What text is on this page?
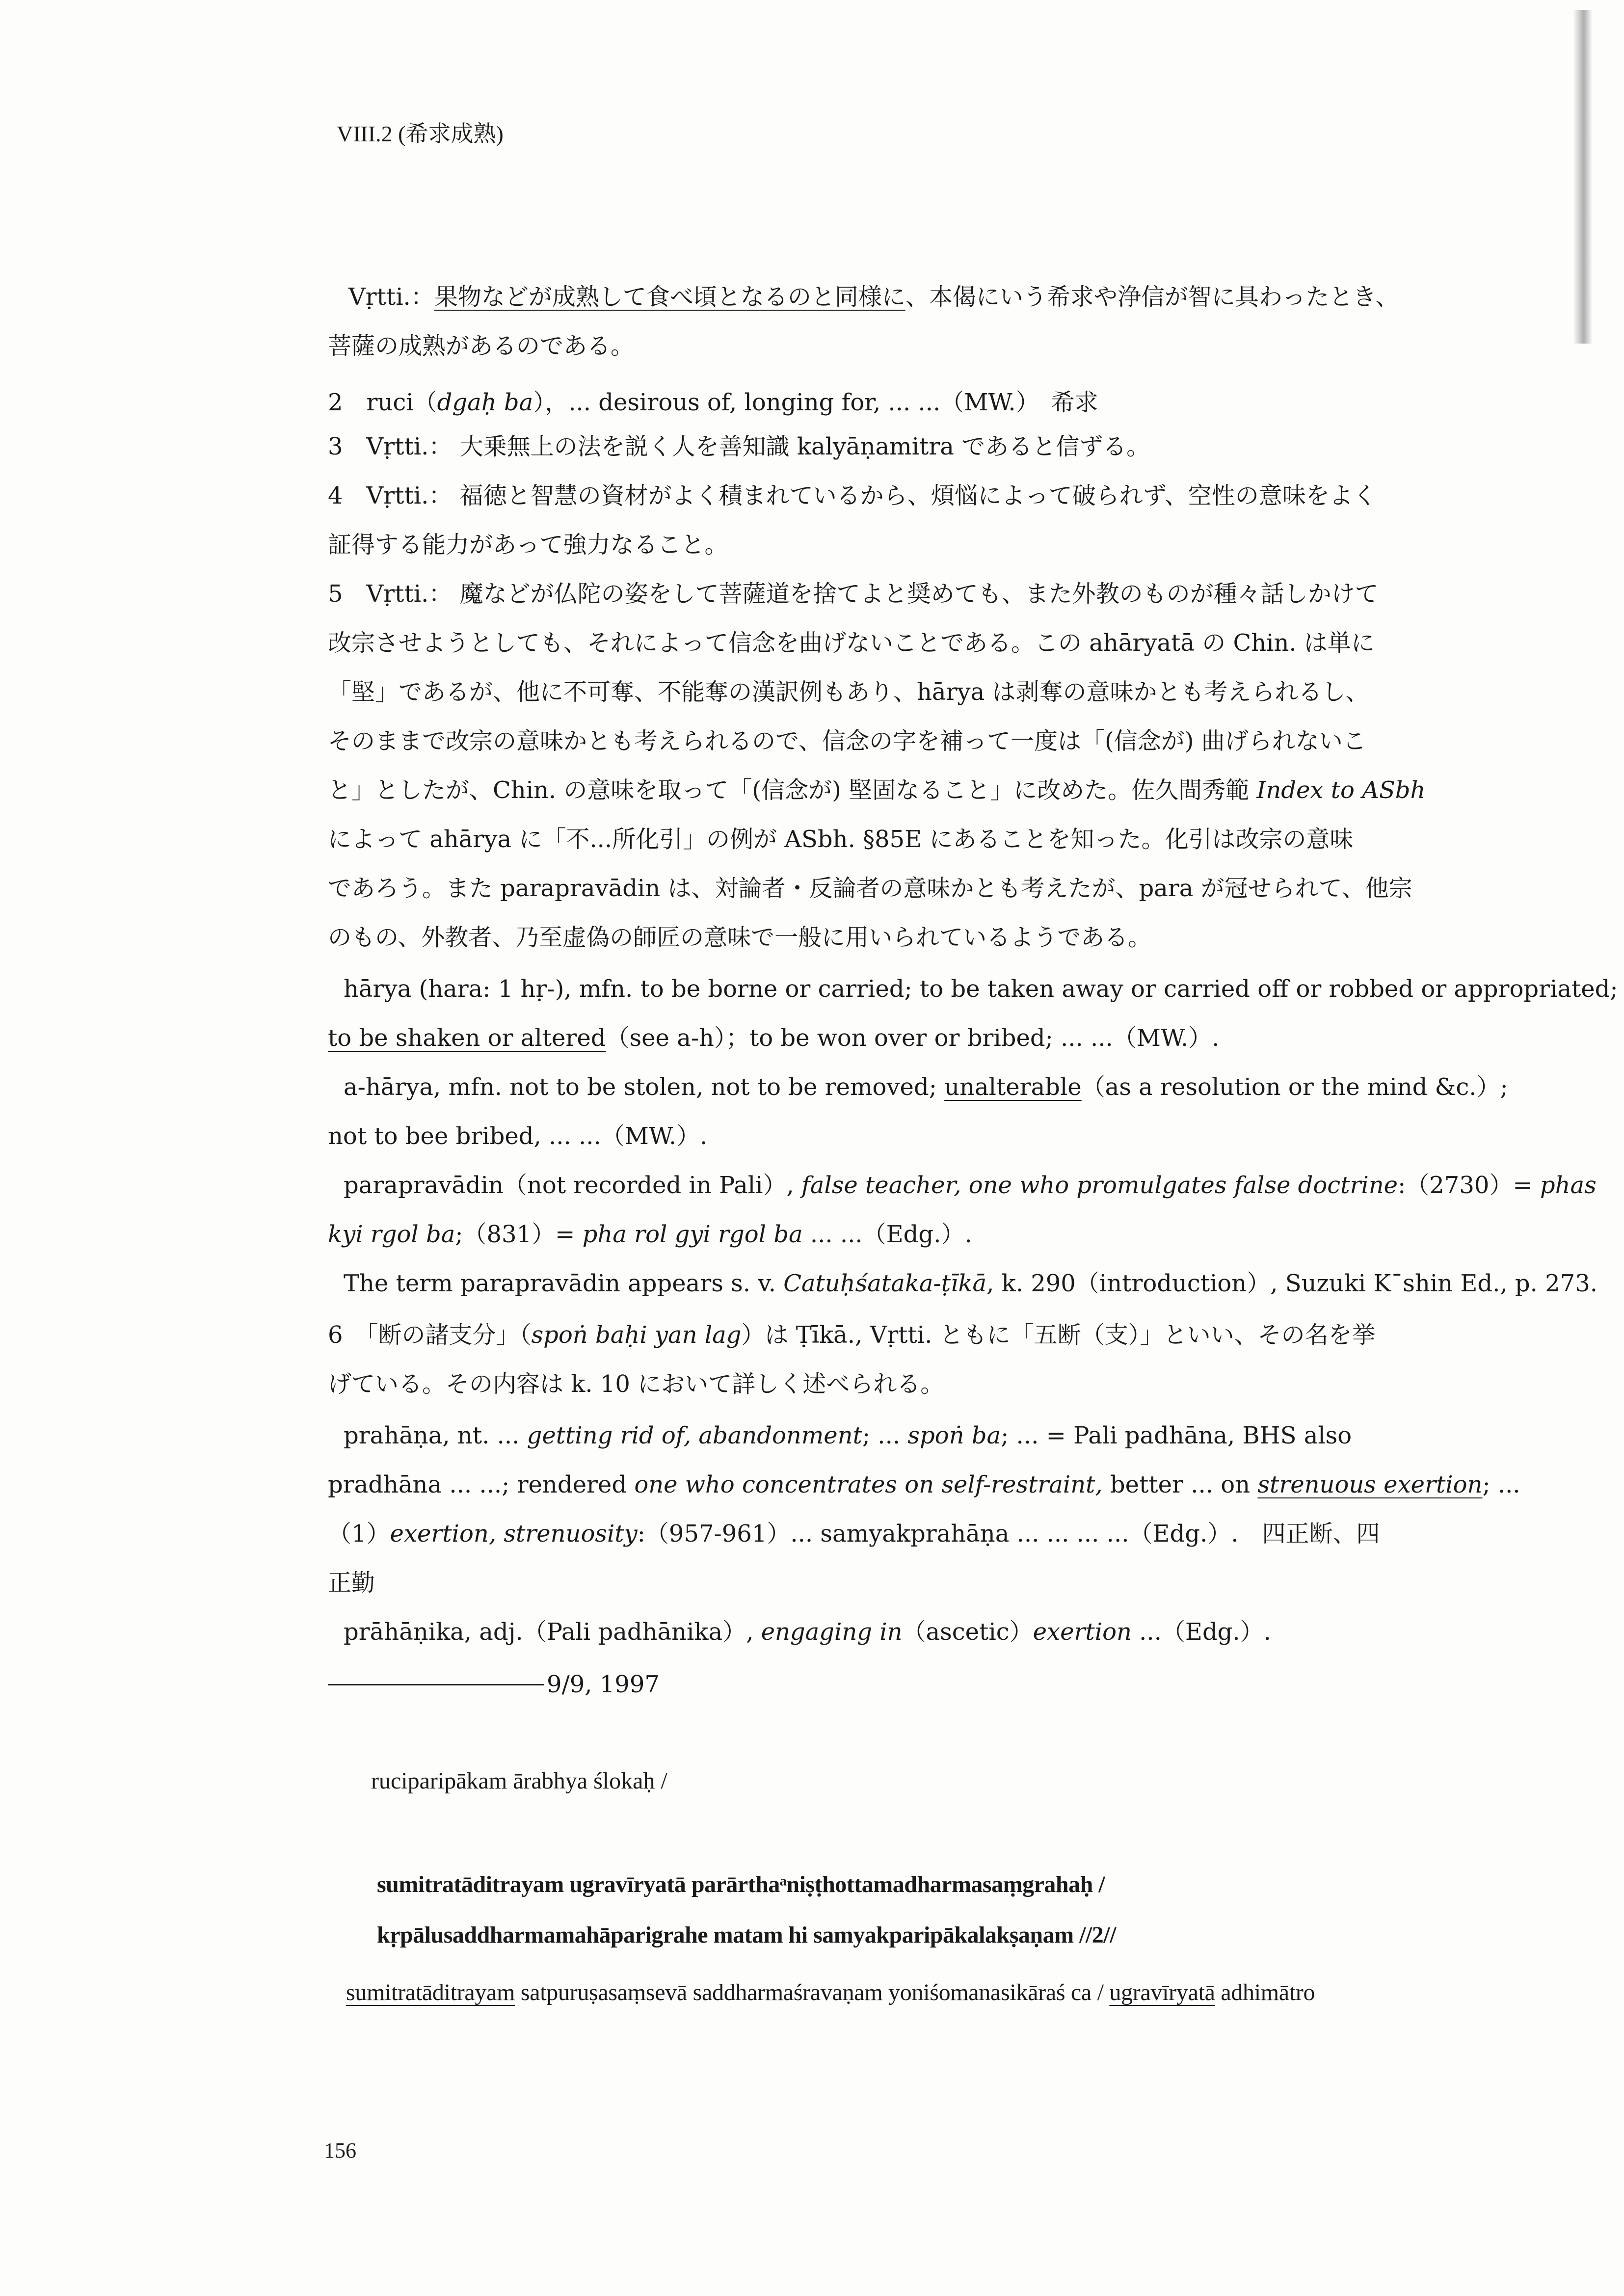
VIII.2 (希求成熟)
Vṛtti.：果物などが成熟して食べ頃となるのと同様に、本偈にいう希求や浄信が智に具わったとき、
菩薩の成熟があるのである。
2　ruci（dgaḥ ba），... desirous of, longing for, ... ...（MW.）　希求
3　Vṛtti.： 大乗無上の法を説く人を善知識 kalyāṇamitra であると信ずる。
4　Vṛtti.： 福徳と智慧の資材がよく積まれているから、煩悩によって破られず、空性の意味をよく
証得する能力があって強力なること。
5　Vṛtti.： 魔などが仏陀の姿をして菩薩道を捨てよと奨めても、また外教のものが種々話しかけて
改宗させようとしても、それによって信念を曲げないことである。この ahāryatā の Chin. は単に
「堅」であるが、他に不可奪、不能奪の漢訳例もあり、hārya は剥奪の意味かとも考えられるし、
そのままで改宗の意味かとも考えられるので、信念の字を補って一度は「(信念が) 曲げられないこ
と」としたが、Chin. の意味を取って「(信念が) 堅固なること」に改めた。佐久間秀範 Index to ASbh
によって ahārya に「不...所化引」の例が ASbh. §85E にあることを知った。化引は改宗の意味
であろう。また parapravādin は、対論者・反論者の意味かとも考えたが、para が冠せられて、他宗
のもの、外教者、乃至虚偽の師匠の意味で一般に用いられているようである。
hārya (hara: 1 hṛ-), mfn. to be borne or carried; to be taken away or carried off or robbed or appropriated;
to be shaken or altered（see a-h）；to be won over or bribed; ... ...（MW.）.
a-hārya, mfn. not to be stolen, not to be removed; unalterable（as a resolution or the mind &c.）;
not to bee bribed, ... ...（MW.）.
parapravādin（not recorded in Pali）, false teacher, one who promulgates false doctrine:（2730）= phas
kyi rgol ba;（831）= pha rol gyi rgol ba ... ...（Edg.）.
The term parapravādin appears s. v. Catuḥśataka-ṭīkā, k. 290（introduction）, Suzuki K¯shin Ed., p. 273.
6　「断の諸支分」（spoṅ baḥi yan lag）は Ṭīkā., Vṛtti. ともに「五断（支）」といい、その名を挙
げている。その内容は k. 10 において詳しく述べられる。
prahāṇa, nt. ... getting rid of, abandonment; ... spoṅ ba; ... = Pali padhāna, BHS also
pradhāna ... ...; rendered one who concentrates on self-restraint, better ... on strenuous exertion; ...
（1）exertion, strenuosity:（957-961）... samyakprahāṇa ... ... ... ...（Edg.）.　四正断、四
正勤
prāhāṇika, adj.（Pali padhānika）, engaging in（ascetic）exertion ...（Edg.）.
9/9, 1997
ruciparipākam ārabhya ślokaḥ /
sumitratāditrayam ugravīryatā parārthaᵃniṣṭhottamadharmasaṃgrahaḥ /
kṛpālusaddharmamahāparigrahe matam hi samyakparipākalakṣaṇam //2//
sumitratāditrayam satpuruṣasaṃsevā saddharmaśravaṇam yoniśomanasikāraś ca / ugravīryatā adhimātro
156
